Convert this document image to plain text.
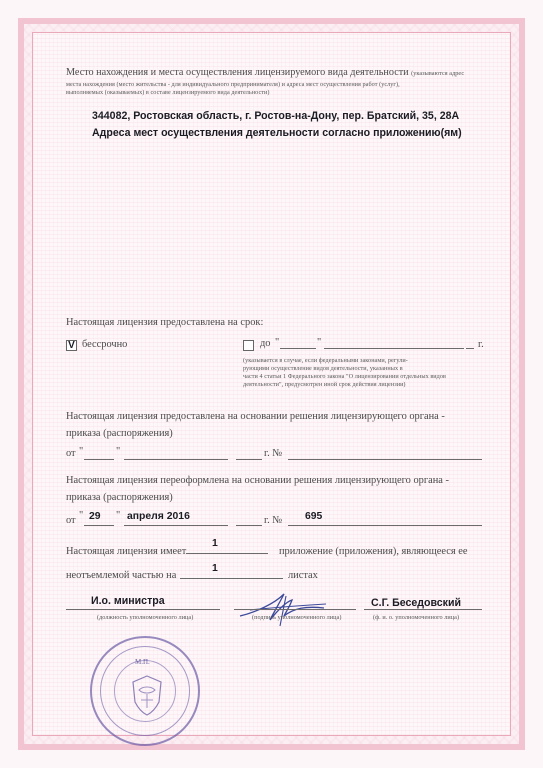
Место нахождения и места осуществления лицензируемого вида деятельности (указываются адрес
места нахождения (место жительства - для индивидуального предпринимателя) и адреса мест осуществления работ (услуг),
выполняемых (оказываемых) в составе лицензируемого вида деятельности)
344082, Ростовская область, г. Ростов-на-Дону, пер. Братский, 35, 28А
Адреса мест осуществления деятельности согласно приложению(ям)
Настоящая лицензия предоставлена на срок:
V бессрочно	до "	"	г.
(указывается в случае, если федеральными законами, регули-
рующими осуществление видов деятельности, указанных в
части 4 статьи 1 Федерального закона "О лицензировании отдельных видов
деятельности", предусмотрен иной срок действия лицензии)
Настоящая лицензия предоставлена на основании решения лицензирующего органа -
приказа (распоряжения)
от "	"	г. №
Настоящая лицензия переоформлена на основании решения лицензирующего органа -
приказа (распоряжения)
от " 29 " апреля 2016	г. № 695
Настоящая лицензия имеет
1
приложение (приложения), являющееся ее
неотъемлемой частью на
1
листах
И.о. министра
(должность уполномоченного лица)	(подпись уполномоченного лица)
С.Г. Беседовский
(ф. и. о. уполномоченного лица)
М.П.
